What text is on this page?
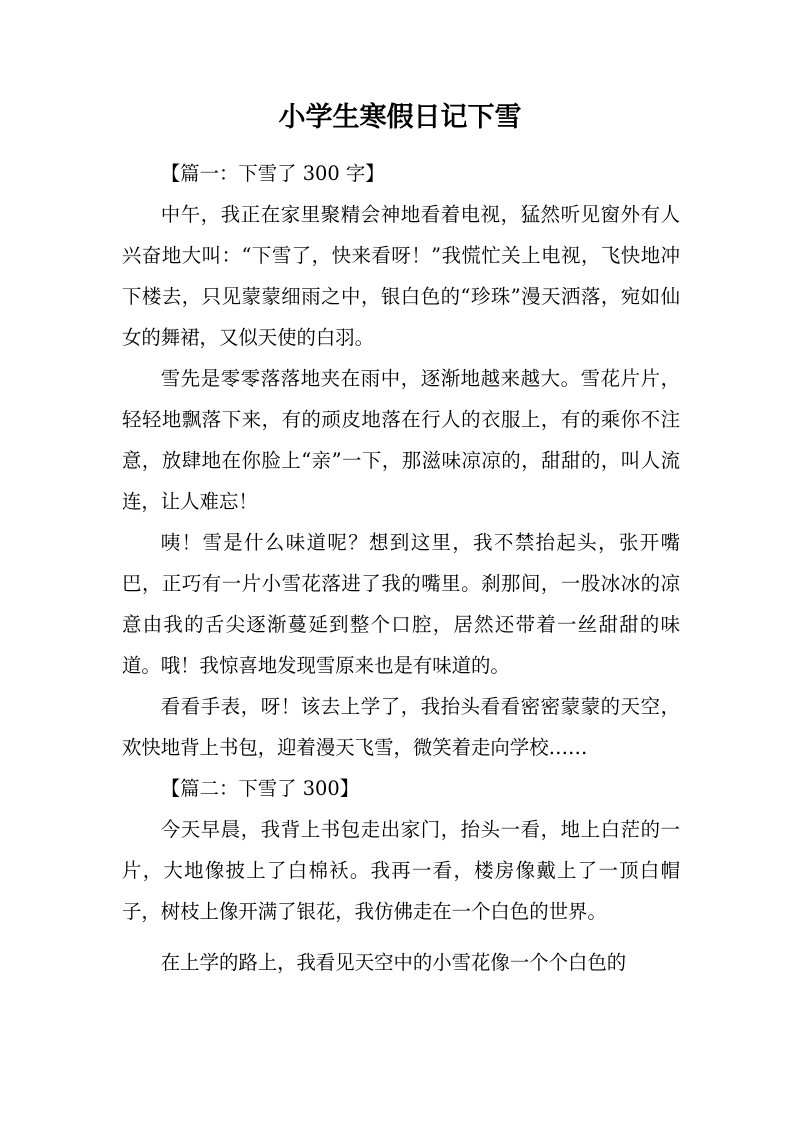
小学生寒假日记下雪

【篇一：下雪了 300 字】

中午，我正在家里聚精会神地看着电视，猛然听见窗外有人兴奋地大叫：“下雪了，快来看呀！”我慌忙关上电视，飞快地冲下楼去，只见蒙蒙细雨之中，银白色的“珍珠”漫天洒落，宛如仙女的舞裙，又似天使的白羽。

雪先是零零落落地夹在雨中，逐渐地越来越大。雪花片片，轻轻地飘落下来，有的顽皮地落在行人的衣服上，有的乘你不注意，放肆地在你脸上“亲”一下，那滋味凉凉的，甜甜的，叫人流连，让人难忘！

咦！雪是什么味道呢？想到这里，我不禁抬起头，张开嘴巴，正巧有一片小雪花落进了我的嘴里。刹那间，一股冰冰的凉意由我的舌尖逐渐蔓延到整个口腔，居然还带着一丝甜甜的味道。哦！我惊喜地发现雪原来也是有味道的。

看看手表，呀！该去上学了，我抬头看看密密蒙蒙的天空，欢快地背上书包，迎着漫天飞雪，微笑着走向学校……

【篇二：下雪了 300】

今天早晨，我背上书包走出家门，抬头一看，地上白茫的一片，大地像披上了白棉袄。我再一看，楼房像戴上了一顶白帽子，树枝上像开满了银花，我仿佛走在一个白色的世界。

在上学的路上，我看见天空中的小雪花像一个个白色的
